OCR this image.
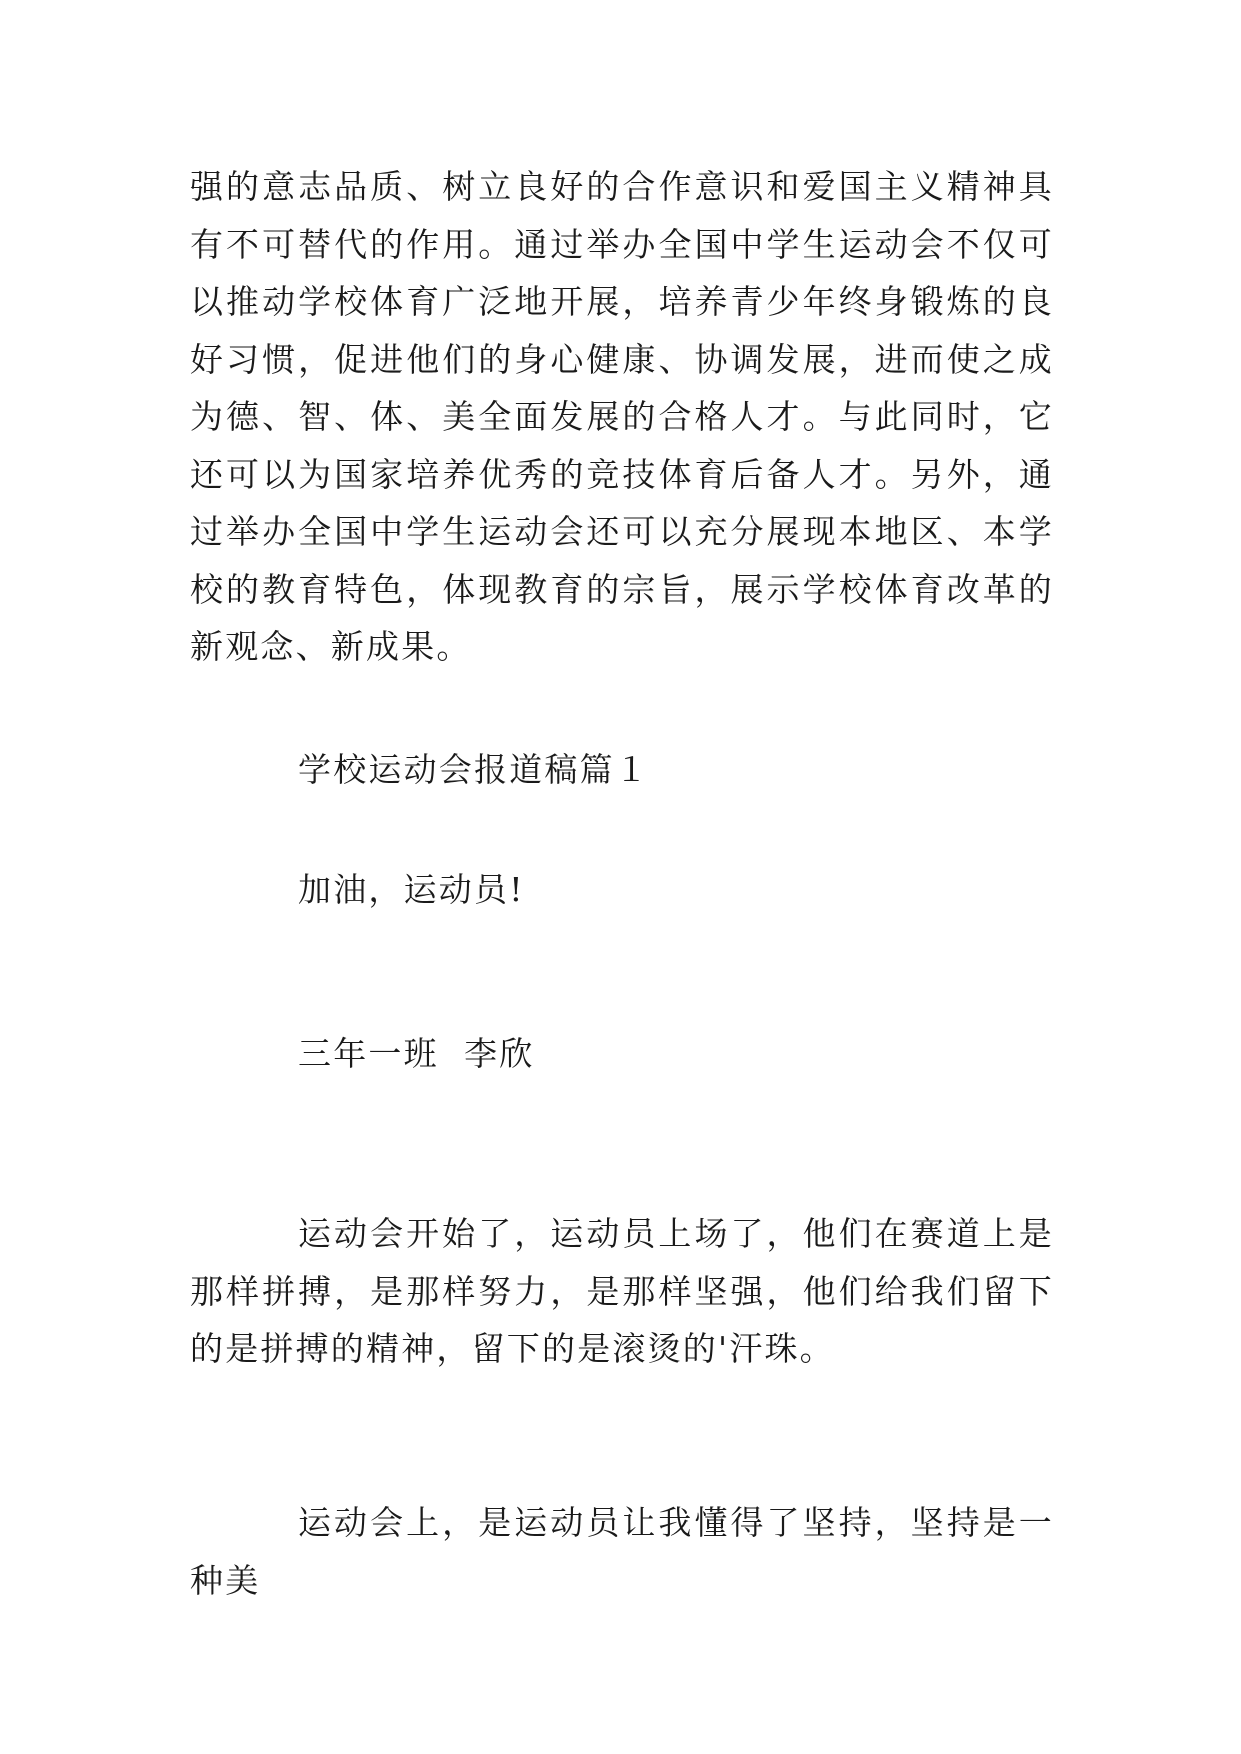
强的意志品质、树立良好的合作意识和爱国主义精神具有不可替代的作用。通过举办全国中学生运动会不仅可以推动学校体育广泛地开展，培养青少年终身锻炼的良好习惯，促进他们的身心健康、协调发展，进而使之成为德、智、体、美全面发展的合格人才。与此同时，它还可以为国家培养优秀的竞技体育后备人才。另外，通过举办全国中学生运动会还可以充分展现本地区、本学校的教育特色，体现教育的宗旨，展示学校体育改革的新观念、新成果。

学校运动会报道稿篇１

加油，运动员!

三年一班  李欣

运动会开始了，运动员上场了，他们在赛道上是那样拼搏，是那样努力，是那样坚强，他们给我们留下的是拼搏的精神，留下的是滚烫的'汗珠。

运动会上，是运动员让我懂得了坚持，坚持是一种美
